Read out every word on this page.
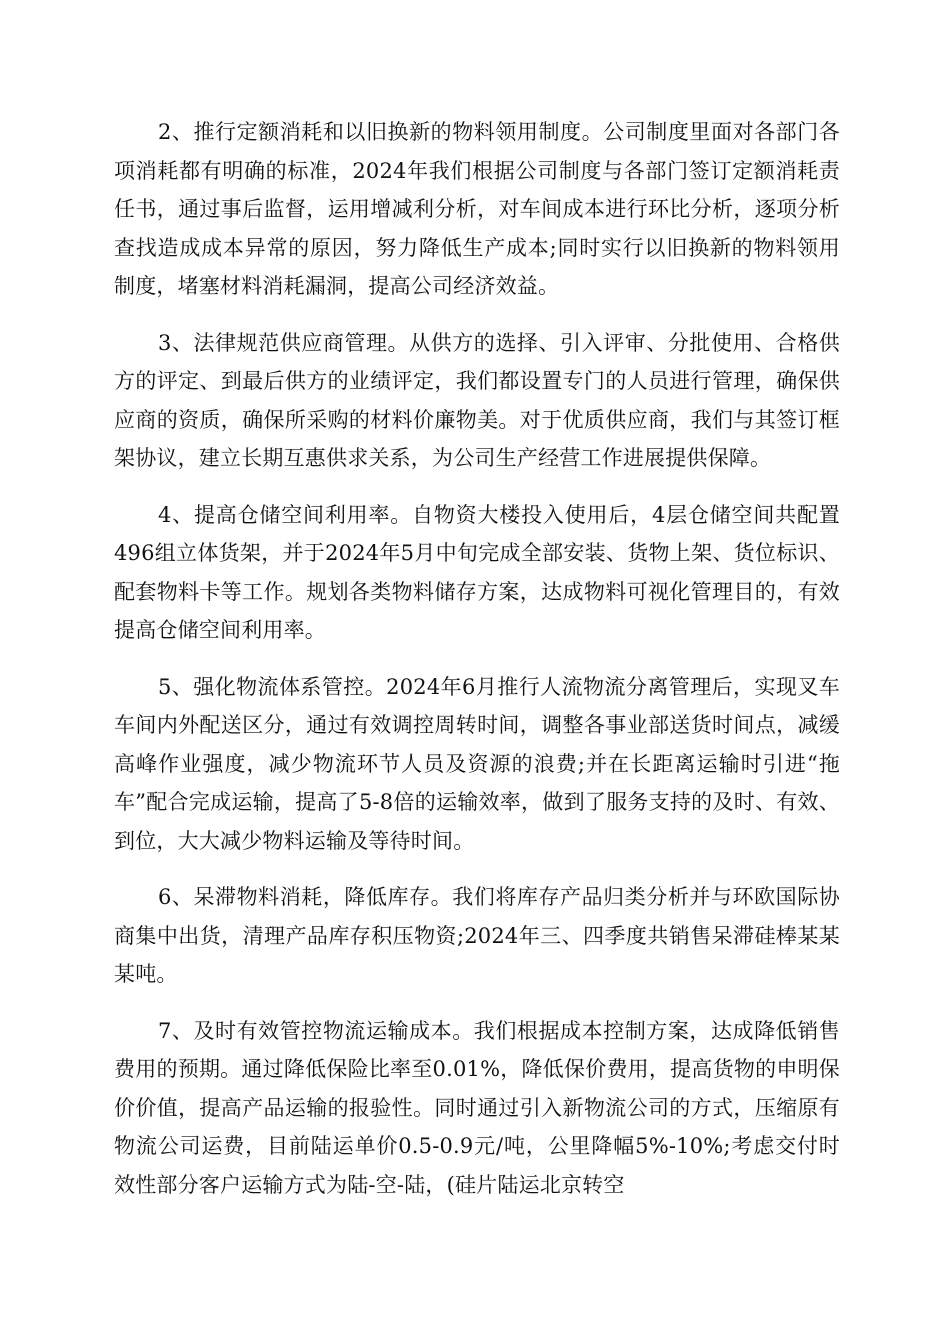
2、推行定额消耗和以旧换新的物料领用制度。公司制度里面对各部门各项消耗都有明确的标准，2024年我们根据公司制度与各部门签订定额消耗责任书，通过事后监督，运用增减利分析，对车间成本进行环比分析，逐项分析查找造成成本异常的原因，努力降低生产成本;同时实行以旧换新的物料领用制度，堵塞材料消耗漏洞，提高公司经济效益。

3、法律规范供应商管理。从供方的选择、引入评审、分批使用、合格供方的评定、到最后供方的业绩评定，我们都设置专门的人员进行管理，确保供应商的资质，确保所采购的材料价廉物美。对于优质供应商，我们与其签订框架协议，建立长期互惠供求关系，为公司生产经营工作进展提供保障。

4、提高仓储空间利用率。自物资大楼投入使用后，4层仓储空间共配置496组立体货架，并于2024年5月中旬完成全部安装、货物上架、货位标识、配套物料卡等工作。规划各类物料储存方案，达成物料可视化管理目的，有效提高仓储空间利用率。

5、强化物流体系管控。2024年6月推行人流物流分离管理后，实现叉车车间内外配送区分，通过有效调控周转时间，调整各事业部送货时间点，减缓高峰作业强度，减少物流环节人员及资源的浪费;并在长距离运输时引进“拖车”配合完成运输，提高了5-8倍的运输效率，做到了服务支持的及时、有效、到位，大大减少物料运输及等待时间。

6、呆滞物料消耗，降低库存。我们将库存产品归类分析并与环欧国际协商集中出货，清理产品库存积压物资;2024年三、四季度共销售呆滞硅棒某某某吨。

7、及时有效管控物流运输成本。我们根据成本控制方案，达成降低销售费用的预期。通过降低保险比率至0.01%，降低保价费用，提高货物的申明保价价值，提高产品运输的报验性。同时通过引入新物流公司的方式，压缩原有物流公司运费，目前陆运单价0.5-0.9元/吨，公里降幅5%-10%;考虑交付时效性部分客户运输方式为陆-空-陆，(硅片陆运北京转空
